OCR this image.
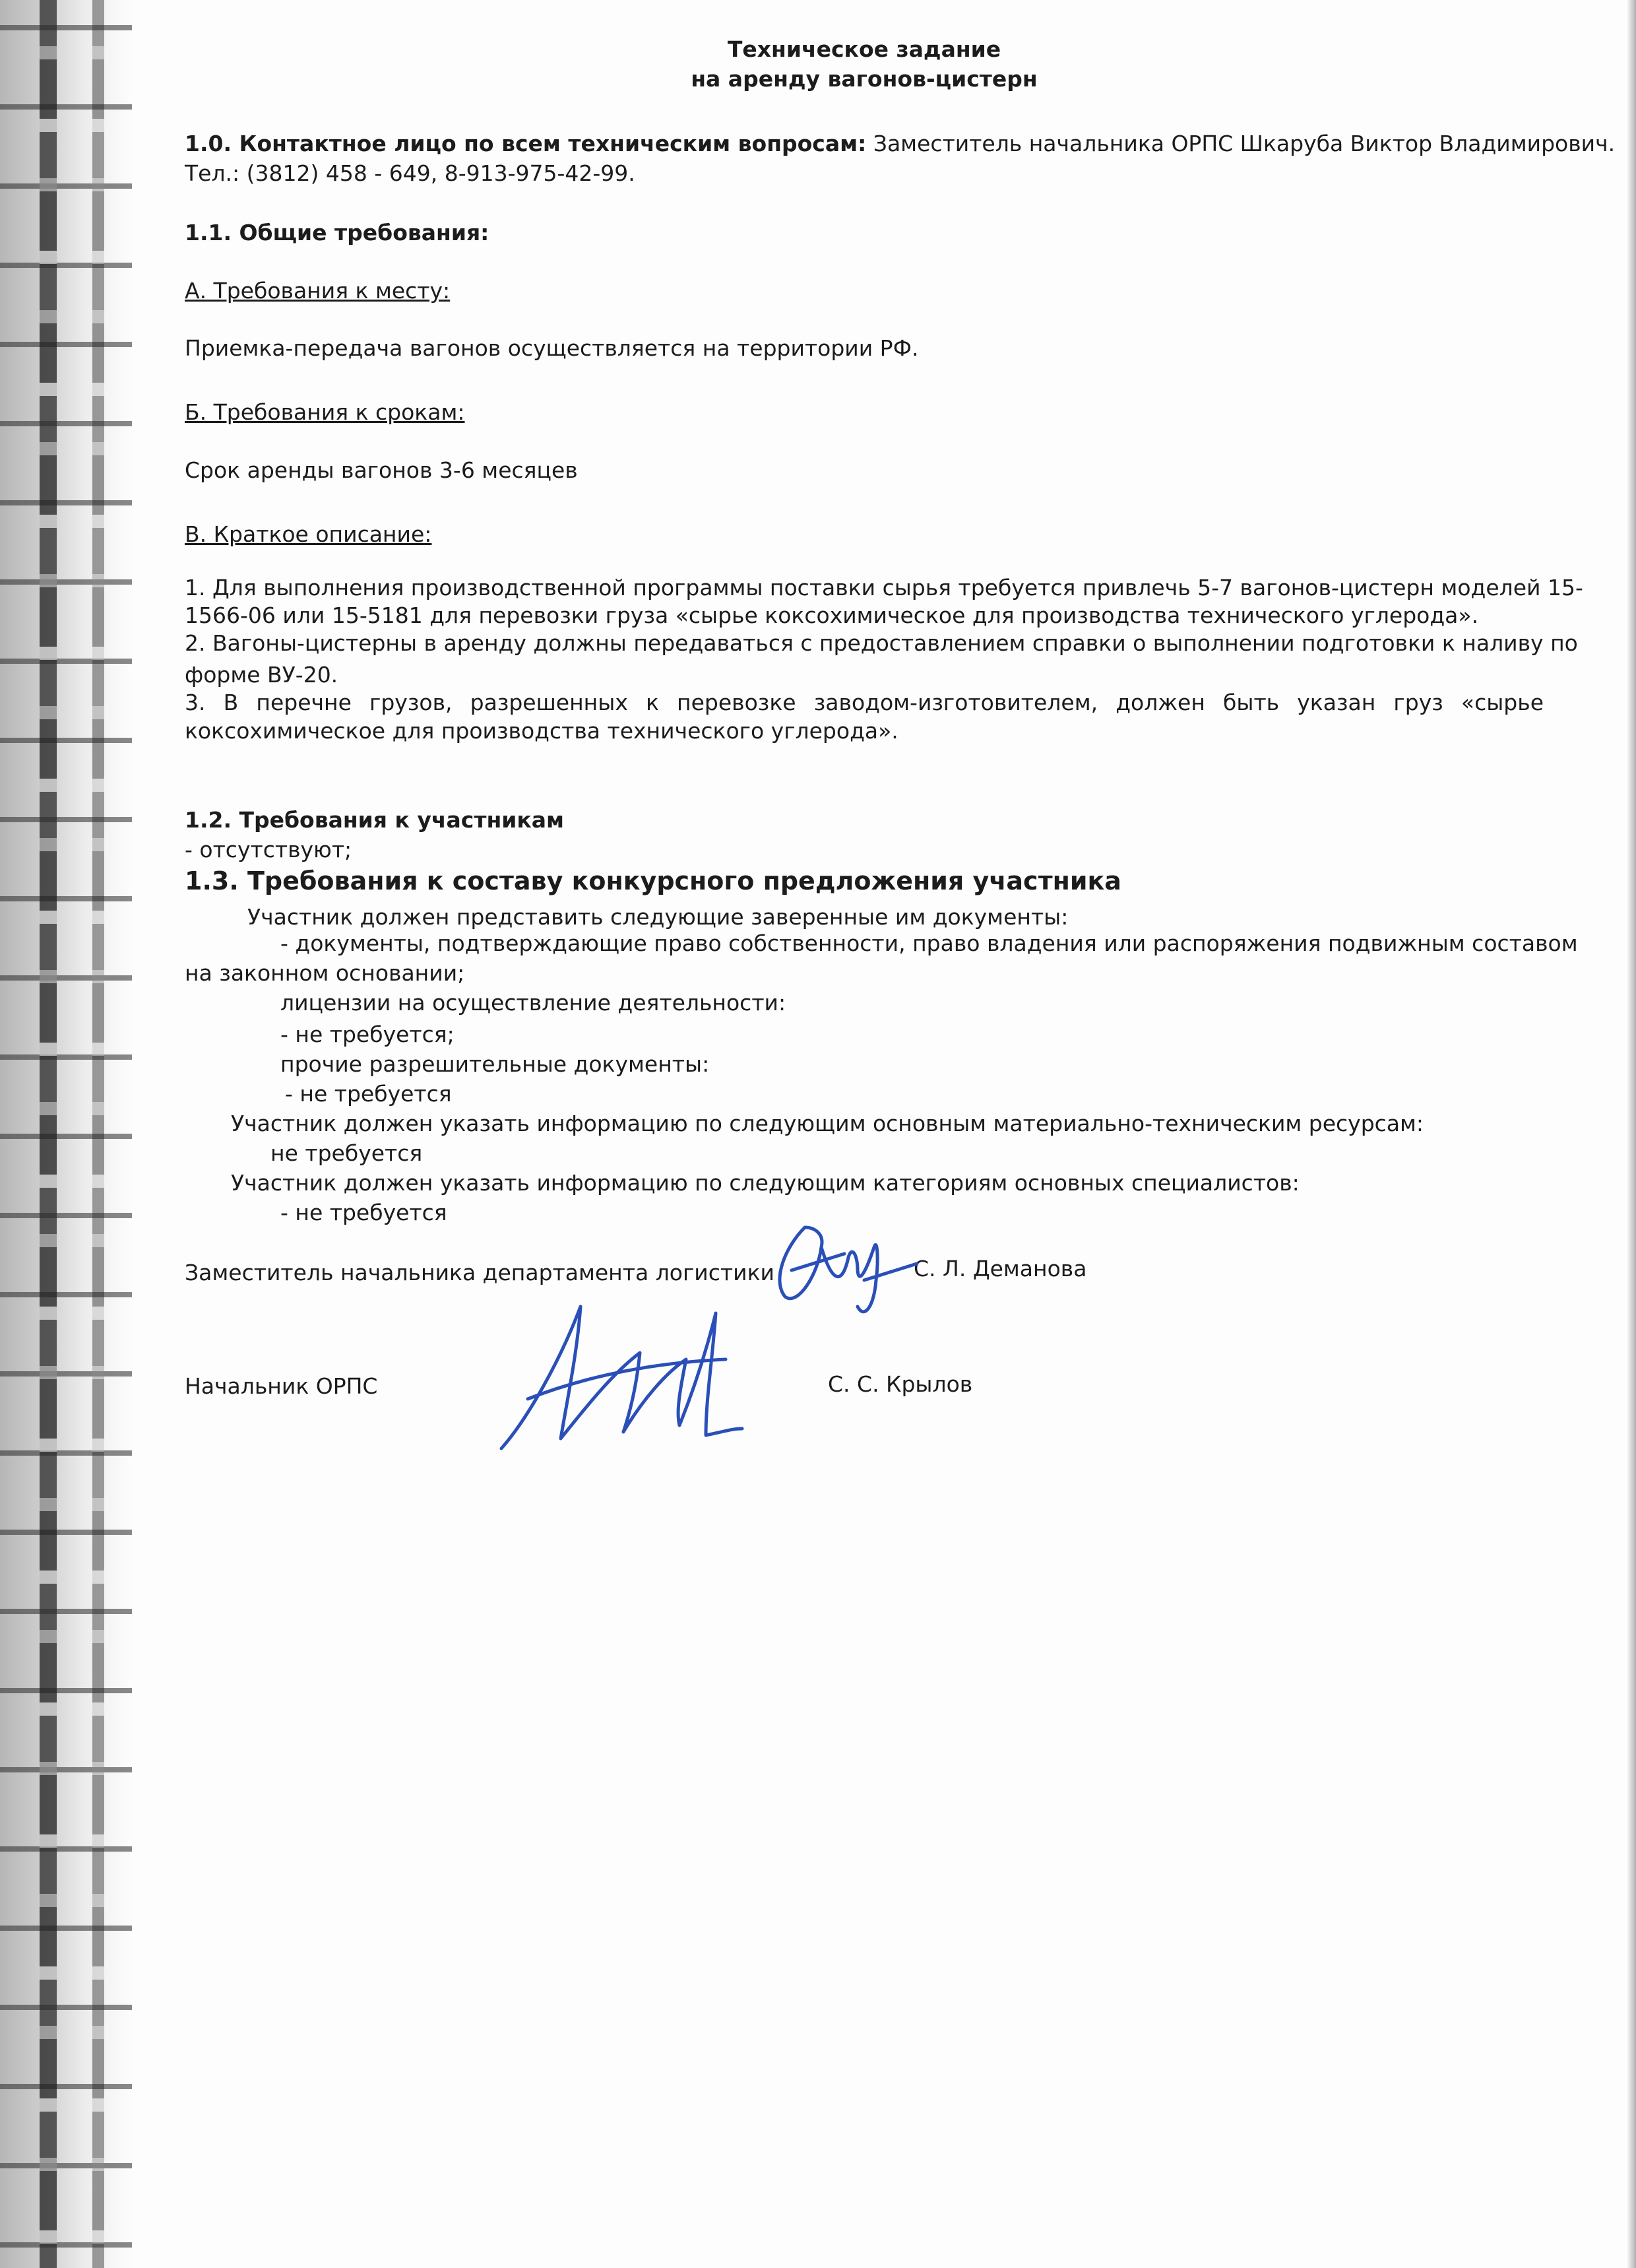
Техническое задание
на аренду вагонов-цистерн
1.0. Контактное лицо по всем техническим вопросам: Заместитель начальника ОРПС Шкаруба Виктор Владимирович.
Тел.: (3812) 458 - 649, 8-913-975-42-99.
1.1. Общие требования:
А. Требования к месту:
Приемка-передача вагонов осуществляется на территории РФ.
Б. Требования к срокам:
Срок аренды вагонов 3-6 месяцев
В. Краткое описание:
1. Для выполнения производственной программы поставки сырья требуется привлечь 5-7 вагонов-цистерн моделей 15-
1566-06 или 15-5181 для перевозки груза «сырье коксохимическое для производства технического углерода».
2. Вагоны-цистерны в аренду должны передаваться с предоставлением справки о выполнении подготовки к наливу по
форме ВУ-20.
3. В перечне грузов, разрешенных к перевозке заводом-изготовителем, должен быть указан груз «сырье
коксохимическое для производства технического углерода».
1.2. Требования к участникам
- отсутствуют;
1.3. Требования к составу конкурсного предложения участника
Участник должен представить следующие заверенные им документы:
- документы, подтверждающие право собственности, право владения или распоряжения подвижным составом
на законном основании;
лицензии на осуществление деятельности:
- не требуется;
прочие разрешительные документы:
- не требуется
Участник должен указать информацию по следующим основным материально-техническим ресурсам:
не требуется
Участник должен указать информацию по следующим категориям основных специалистов:
- не требуется
Заместитель начальника департамента логистики	С. Л. Деманова
Начальник ОРПС	С. С. Крылов
